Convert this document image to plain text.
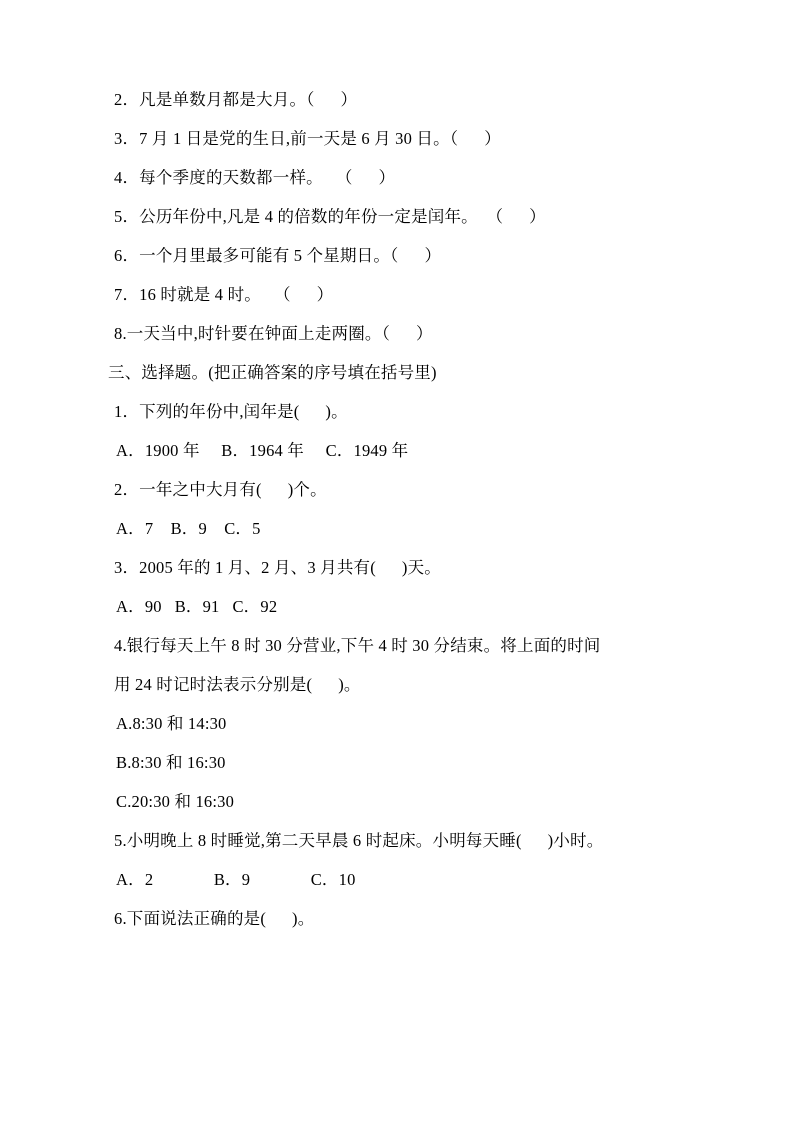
2．凡是单数月都是大月。（      ）
3．7 月 1 日是党的生日,前一天是 6 月 30 日。（      ）
4．每个季度的天数都一样。   （      ）
5．公历年份中,凡是 4 的倍数的年份一定是闰年。  （      ）
6．一个月里最多可能有 5 个星期日。（      ）
7．16 时就是 4 时。   （      ）
8.一天当中,时针要在钟面上走两圈。（      ）
三、选择题。(把正确答案的序号填在括号里)
1．下列的年份中,闰年是(      )。
A．1900 年     B．1964 年     C．1949 年
2．一年之中大月有(      )个。
A．7    B．9    C．5
3．2005 年的 1 月、2 月、3 月共有(      )天。
A．90   B．91   C．92
4.银行每天上午 8 时 30 分营业,下午 4 时 30 分结束。将上面的时间
用 24 时记时法表示分别是(      )。
A.8:30 和 14:30
B.8:30 和 16:30
C.20:30 和 16:30
5.小明晚上 8 时睡觉,第二天早晨 6 时起床。小明每天睡(      )小时。
A．2              B．9              C．10
6.下面说法正确的是(      )。
